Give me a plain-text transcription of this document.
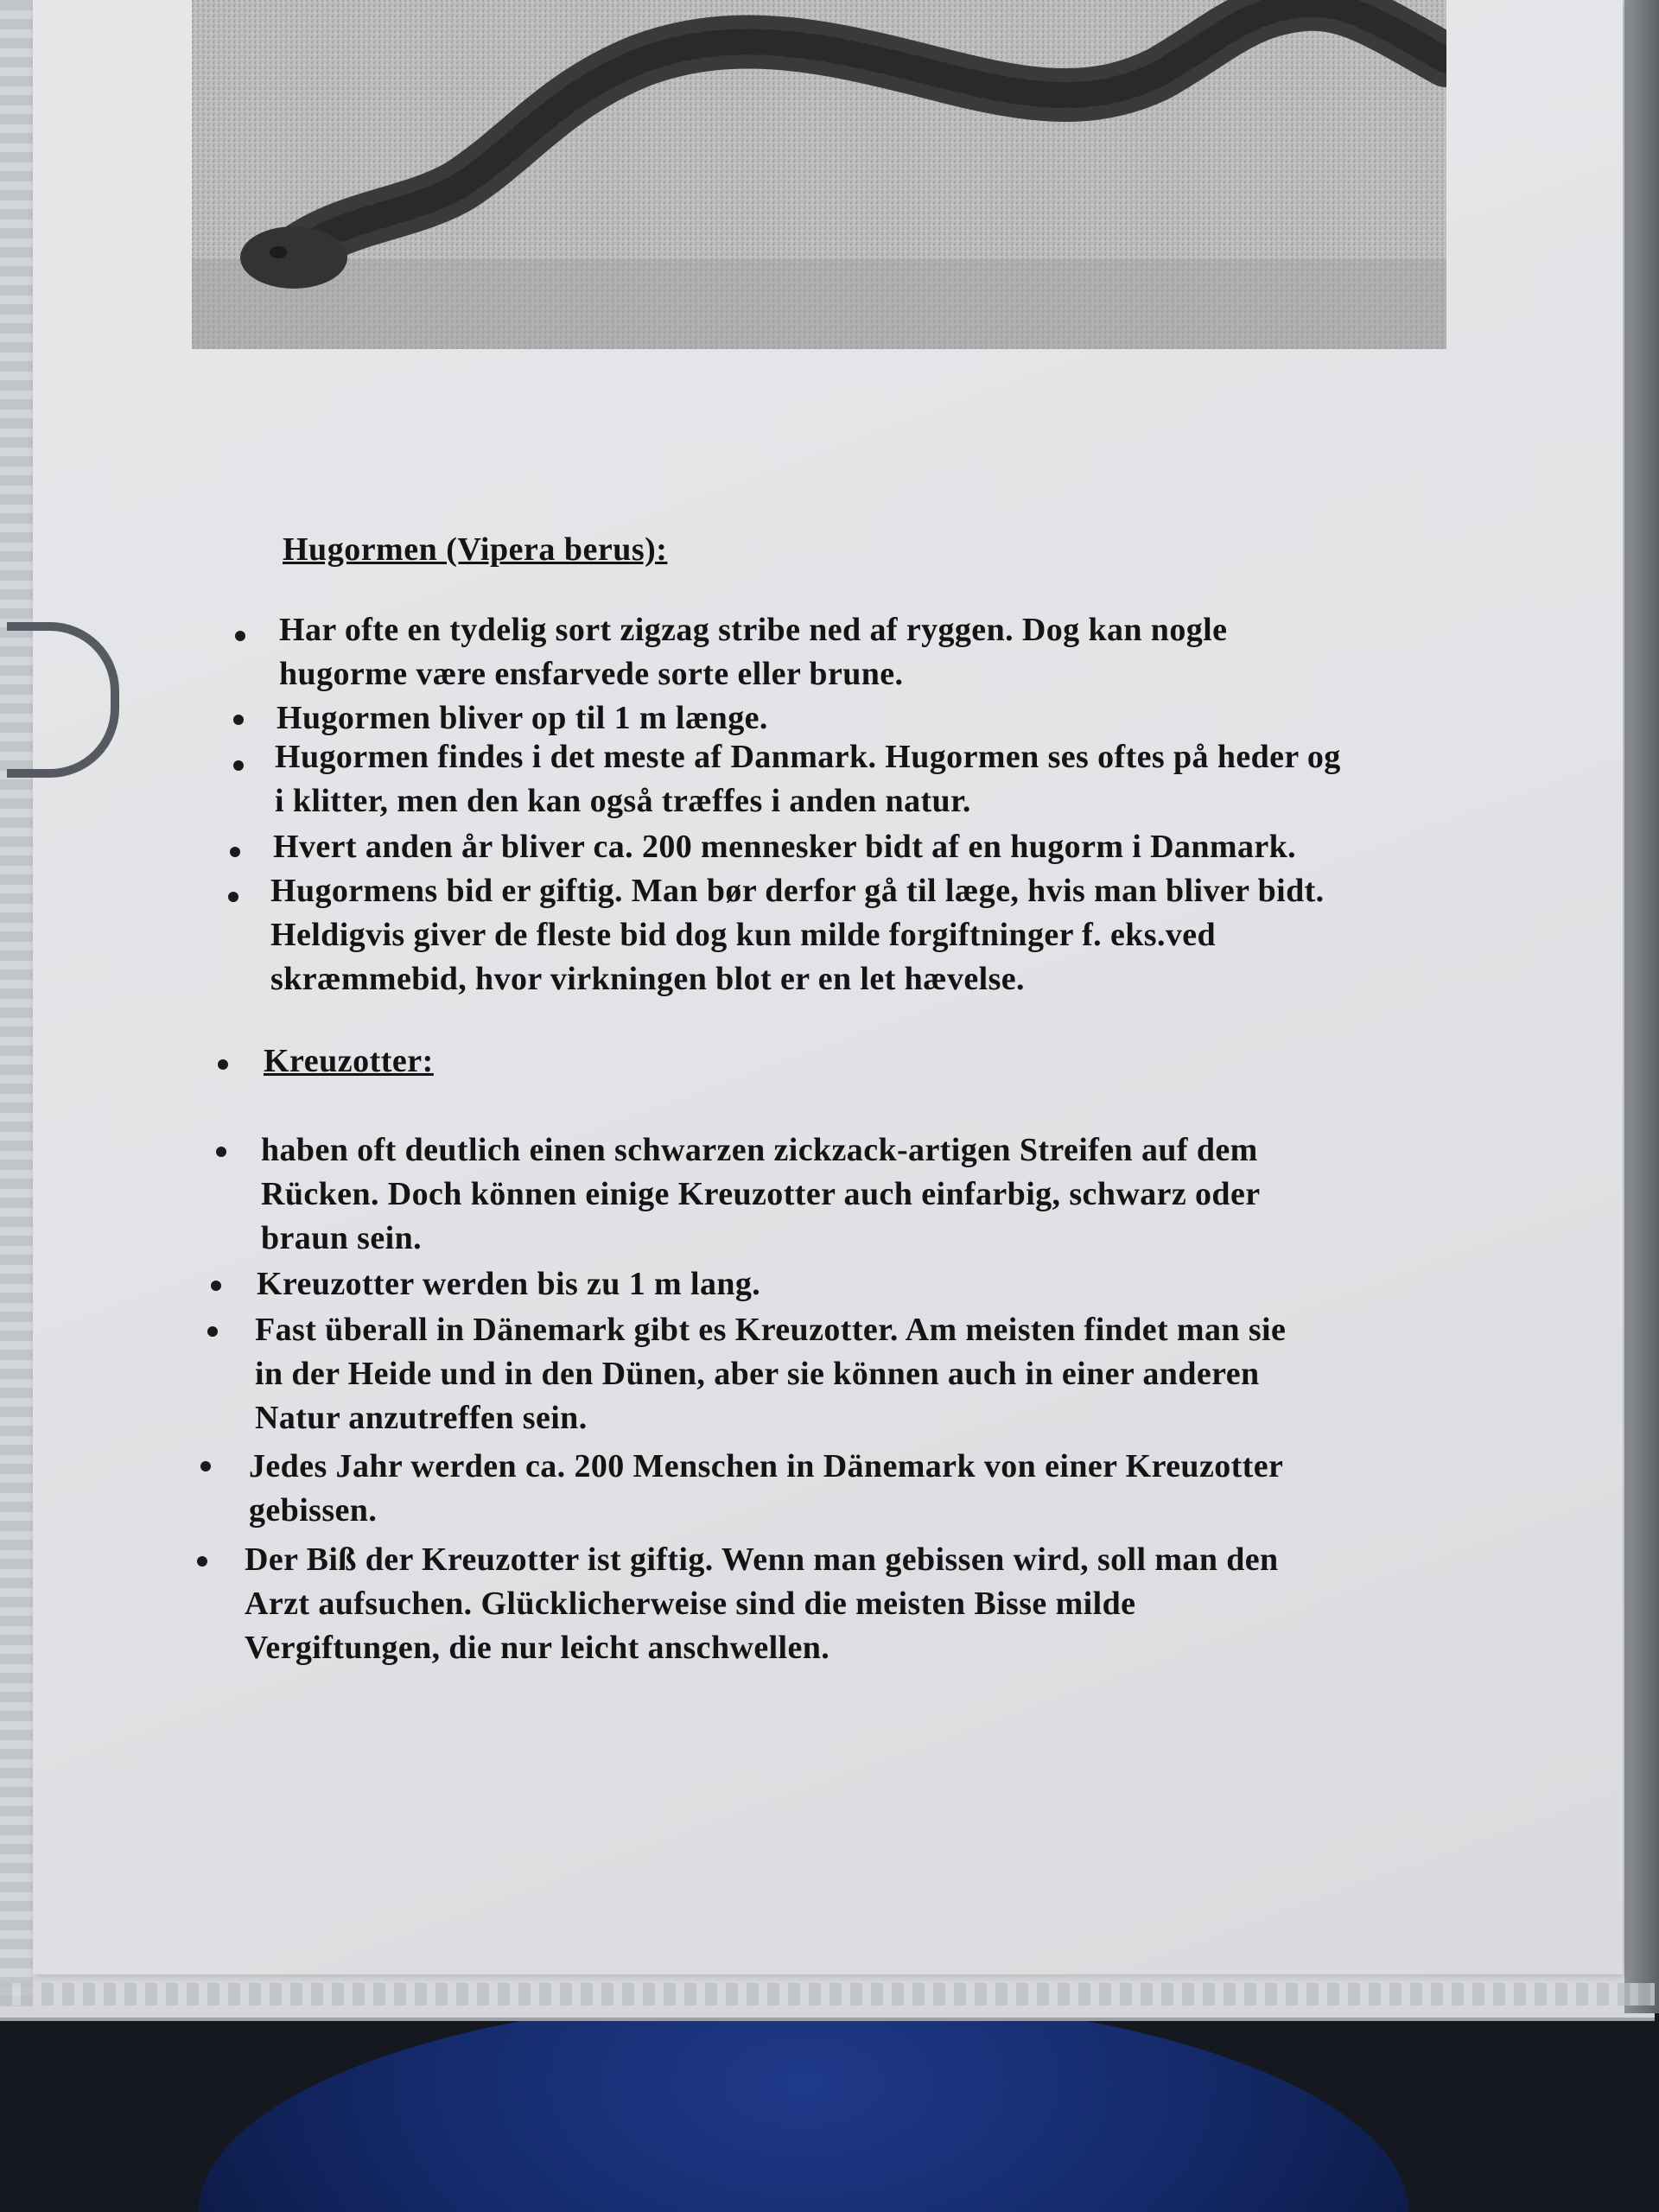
Hugormen (Vipera berus):
Har ofte en tydelig sort zigzag stribe ned af ryggen. Dog kan nogle
hugorme være ensfarvede sorte eller brune.
Hugormen bliver op til 1 m længe.
Hugormen findes i det meste af Danmark. Hugormen ses oftes på heder og
i klitter, men den kan også træffes i anden natur.
Hvert anden år bliver ca. 200 mennesker bidt af en hugorm i Danmark.
Hugormens bid er giftig. Man bør derfor gå til læge, hvis man bliver bidt.
Heldigvis giver de fleste bid dog kun milde forgiftninger f. eks.ved
skræmmebid, hvor virkningen blot er en let hævelse.
Kreuzotter:
haben oft deutlich einen schwarzen zickzack-artigen Streifen auf dem
Rücken. Doch können einige Kreuzotter auch einfarbig, schwarz oder
braun sein.
Kreuzotter werden bis zu 1 m lang.
Fast überall in Dänemark gibt es Kreuzotter. Am meisten findet man sie
in der Heide und in den Dünen, aber sie können auch in einer anderen
Natur anzutreffen sein.
Jedes Jahr werden ca. 200 Menschen in Dänemark von einer Kreuzotter
gebissen.
Der Biß der Kreuzotter ist giftig. Wenn man gebissen wird, soll man den
Arzt aufsuchen. Glücklicherweise sind die meisten Bisse milde
Vergiftungen, die nur leicht anschwellen.
